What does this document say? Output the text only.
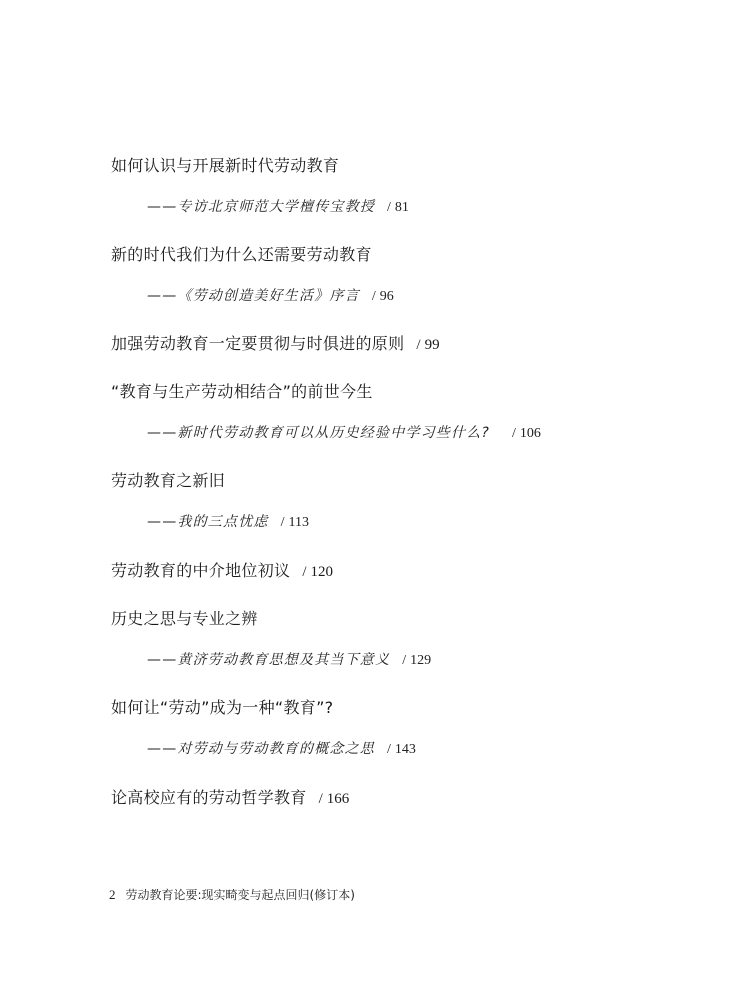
如何认识与开展新时代劳动教育
——专访北京师范大学檀传宝教授 / 81
新的时代我们为什么还需要劳动教育
——《劳动创造美好生活》序言 / 96
加强劳动教育一定要贯彻与时俱进的原则 / 99
“教育与生产劳动相结合”的前世今生
——新时代劳动教育可以从历史经验中学习些什么? / 106
劳动教育之新旧
——我的三点忧虑 / 113
劳动教育的中介地位初议 / 120
历史之思与专业之辨
——黄济劳动教育思想及其当下意义 / 129
如何让“劳动”成为一种“教育”?
——对劳动与劳动教育的概念之思 / 143
论高校应有的劳动哲学教育 / 166
2 劳动教育论要:现实畸变与起点回归(修订本)
